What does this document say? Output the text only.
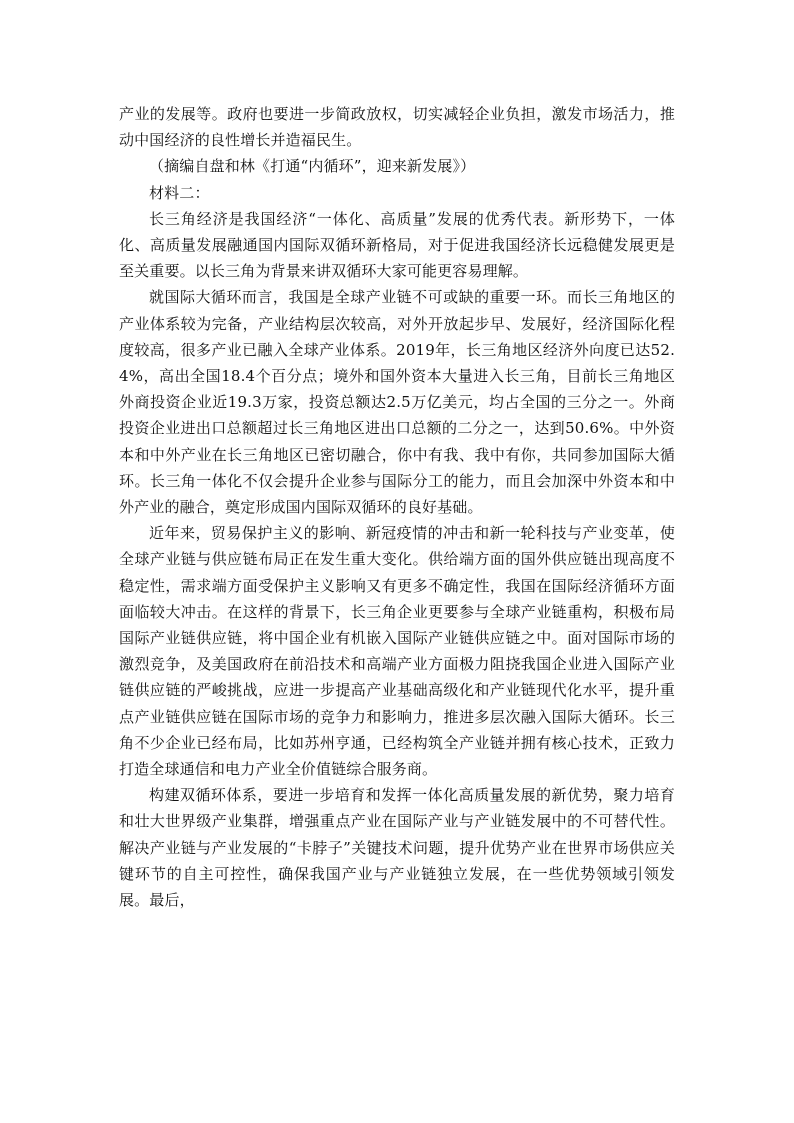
产业的发展等。政府也要进一步简政放权，切实减轻企业负担，激发市场活力，推动中国经济的良性增长并造福民生。

（摘编自盘和林《打通“内循环”，迎来新发展》）

材料二：

长三角经济是我国经济“一体化、高质量”发展的优秀代表。新形势下，一体化、高质量发展融通国内国际双循环新格局，对于促进我国经济长远稳健发展更是至关重要。以长三角为背景来讲双循环大家可能更容易理解。

就国际大循环而言，我国是全球产业链不可或缺的重要一环。而长三角地区的产业体系较为完备，产业结构层次较高，对外开放起步早、发展好，经济国际化程度较高，很多产业已融入全球产业体系。2019年，长三角地区经济外向度已达52.4%，高出全国18.4个百分点；境外和国外资本大量进入长三角，目前长三角地区外商投资企业近19.3万家，投资总额达2.5万亿美元，均占全国的三分之一。外商投资企业进出口总额超过长三角地区进出口总额的二分之一，达到50.6%。中外资本和中外产业在长三角地区已密切融合，你中有我、我中有你，共同参加国际大循环。长三角一体化不仅会提升企业参与国际分工的能力，而且会加深中外资本和中外产业的融合，奠定形成国内国际双循环的良好基础。

近年来，贸易保护主义的影响、新冠疫情的冲击和新一轮科技与产业变革，使全球产业链与供应链布局正在发生重大变化。供给端方面的国外供应链出现高度不稳定性，需求端方面受保护主义影响又有更多不确定性，我国在国际经济循环方面面临较大冲击。在这样的背景下，长三角企业更要参与全球产业链重构，积极布局国际产业链供应链，将中国企业有机嵌入国际产业链供应链之中。面对国际市场的激烈竞争，及美国政府在前沿技术和高端产业方面极力阻挠我国企业进入国际产业链供应链的严峻挑战，应进一步提高产业基础高级化和产业链现代化水平，提升重点产业链供应链在国际市场的竞争力和影响力，推进多层次融入国际大循环。长三角不少企业已经布局，比如苏州亨通，已经构筑全产业链并拥有核心技术，正致力打造全球通信和电力产业全价值链综合服务商。

构建双循环体系，要进一步培育和发挥一体化高质量发展的新优势，聚力培育和壮大世界级产业集群，增强重点产业在国际产业与产业链发展中的不可替代性。解决产业链与产业发展的“卡脖子”关键技术问题，提升优势产业在世界市场供应关键环节的自主可控性，确保我国产业与产业链独立发展，在一些优势领域引领发展。最后，
